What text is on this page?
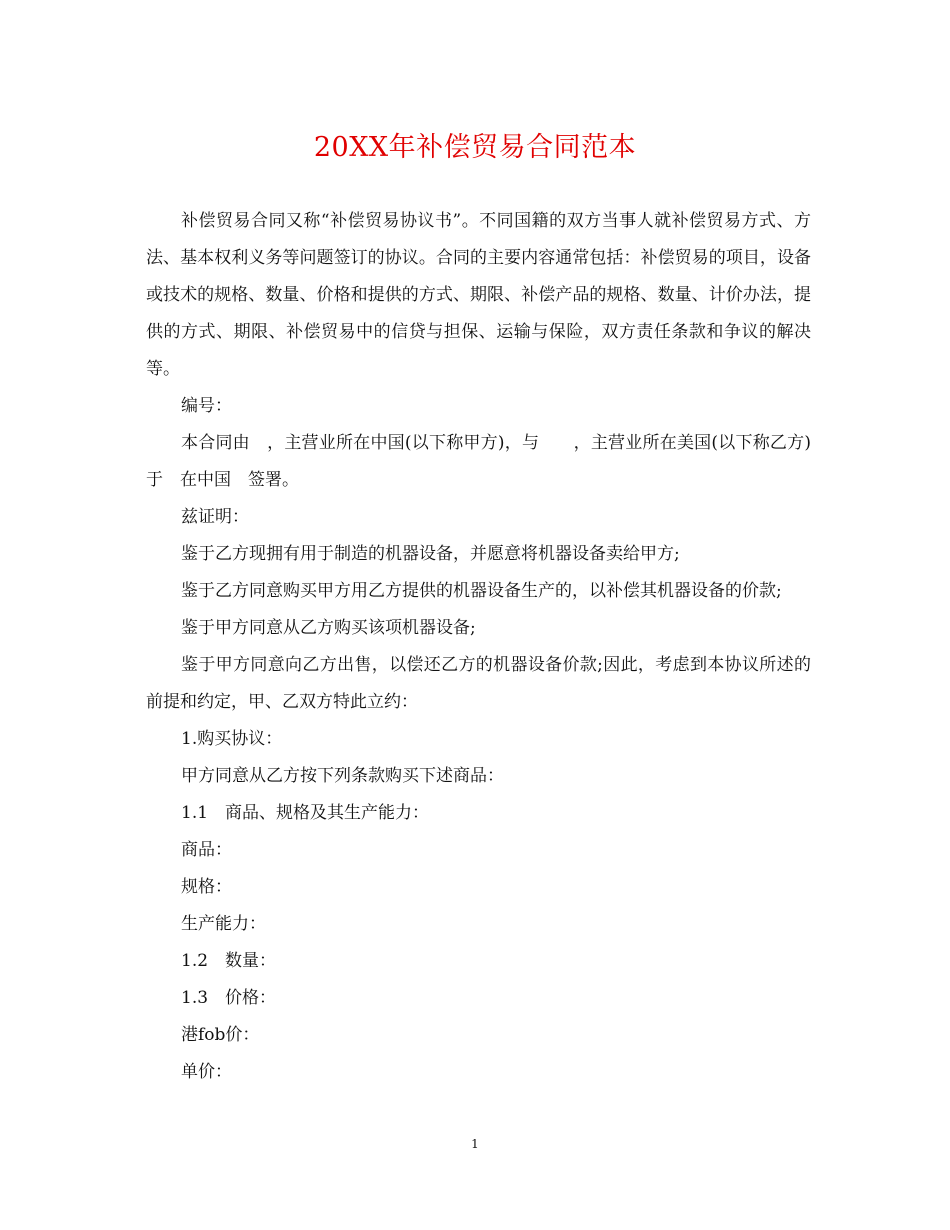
20XX年补偿贸易合同范本

补偿贸易合同又称“补偿贸易协议书”。不同国籍的双方当事人就补偿贸易方式、方法、基本权利义务等问题签订的协议。合同的主要内容通常包括：补偿贸易的项目，设备或技术的规格、数量、价格和提供的方式、期限、补偿产品的规格、数量、计价办法，提供的方式、期限、补偿贸易中的信贷与担保、运输与保险，双方责任条款和争议的解决等。

编号：

本合同由　，主营业所在中国(以下称甲方)，与　　，主营业所在美国(以下称乙方)于　在中国　签署。

兹证明：

鉴于乙方现拥有用于制造的机器设备，并愿意将机器设备卖给甲方;

鉴于乙方同意购买甲方用乙方提供的机器设备生产的，以补偿其机器设备的价款;

鉴于甲方同意从乙方购买该项机器设备;

鉴于甲方同意向乙方出售，以偿还乙方的机器设备价款;因此，考虑到本协议所述的前提和约定，甲、乙双方特此立约：

1.购买协议：

甲方同意从乙方按下列条款购买下述商品：

1.1　商品、规格及其生产能力：

商品：

规格：

生产能力：

1.2　数量：

1.3　价格：

港fob价：

单价：

1
